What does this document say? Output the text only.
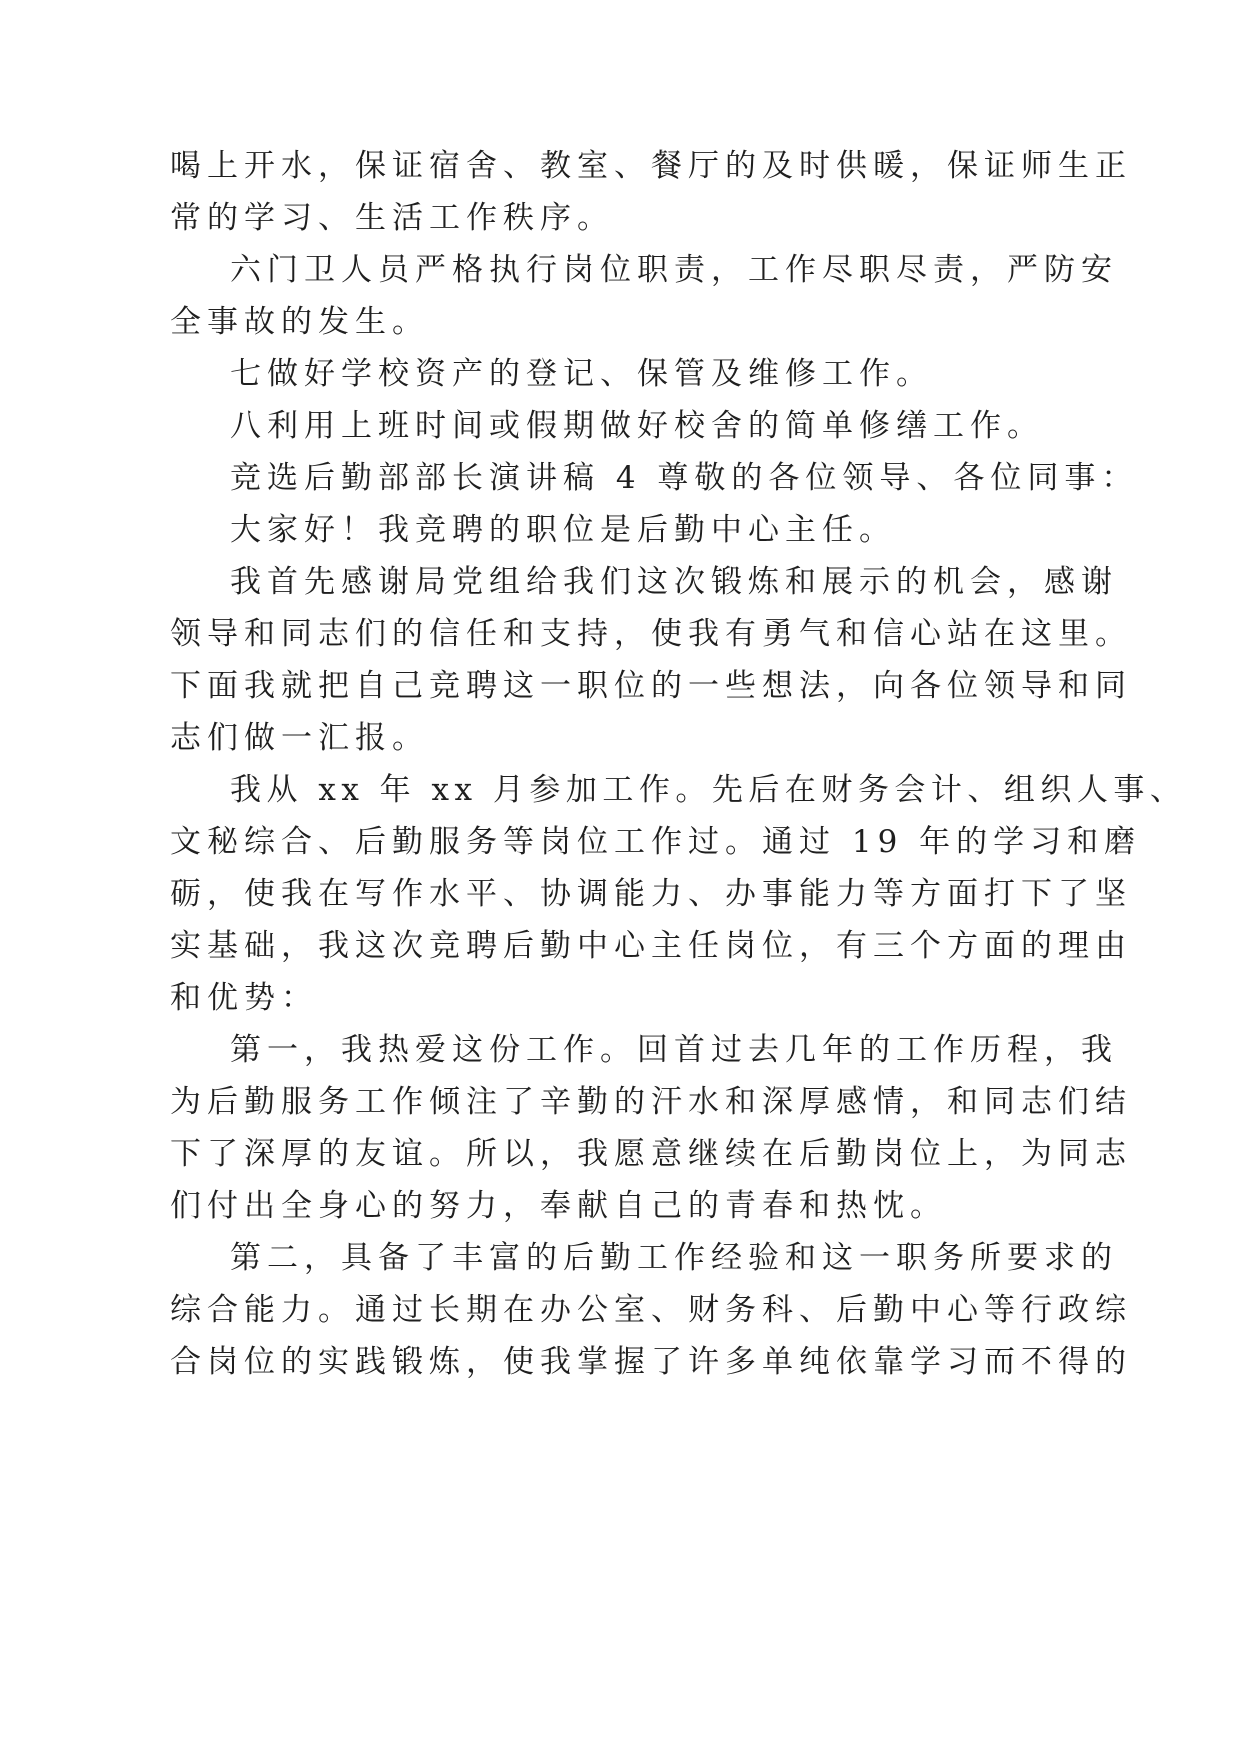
喝上开水，保证宿舍、教室、餐厅的及时供暖，保证师生正

常的学习、生活工作秩序。

六门卫人员严格执行岗位职责，工作尽职尽责，严防安

全事故的发生。

七做好学校资产的登记、保管及维修工作。

八利用上班时间或假期做好校舍的简单修缮工作。

竞选后勤部部长演讲稿 4 尊敬的各位领导、各位同事：

大家好！我竞聘的职位是后勤中心主任。

我首先感谢局党组给我们这次锻炼和展示的机会，感谢

领导和同志们的信任和支持，使我有勇气和信心站在这里。

下面我就把自己竞聘这一职位的一些想法，向各位领导和同

志们做一汇报。

我从 xx 年 xx 月参加工作。先后在财务会计、组织人事、

文秘综合、后勤服务等岗位工作过。通过 19 年的学习和磨

砺，使我在写作水平、协调能力、办事能力等方面打下了坚

实基础，我这次竞聘后勤中心主任岗位，有三个方面的理由

和优势：

第一，我热爱这份工作。回首过去几年的工作历程，我

为后勤服务工作倾注了辛勤的汗水和深厚感情，和同志们结

下了深厚的友谊。所以，我愿意继续在后勤岗位上，为同志

们付出全身心的努力，奉献自己的青春和热忱。

第二，具备了丰富的后勤工作经验和这一职务所要求的

综合能力。通过长期在办公室、财务科、后勤中心等行政综

合岗位的实践锻炼，使我掌握了许多单纯依靠学习而不得的
